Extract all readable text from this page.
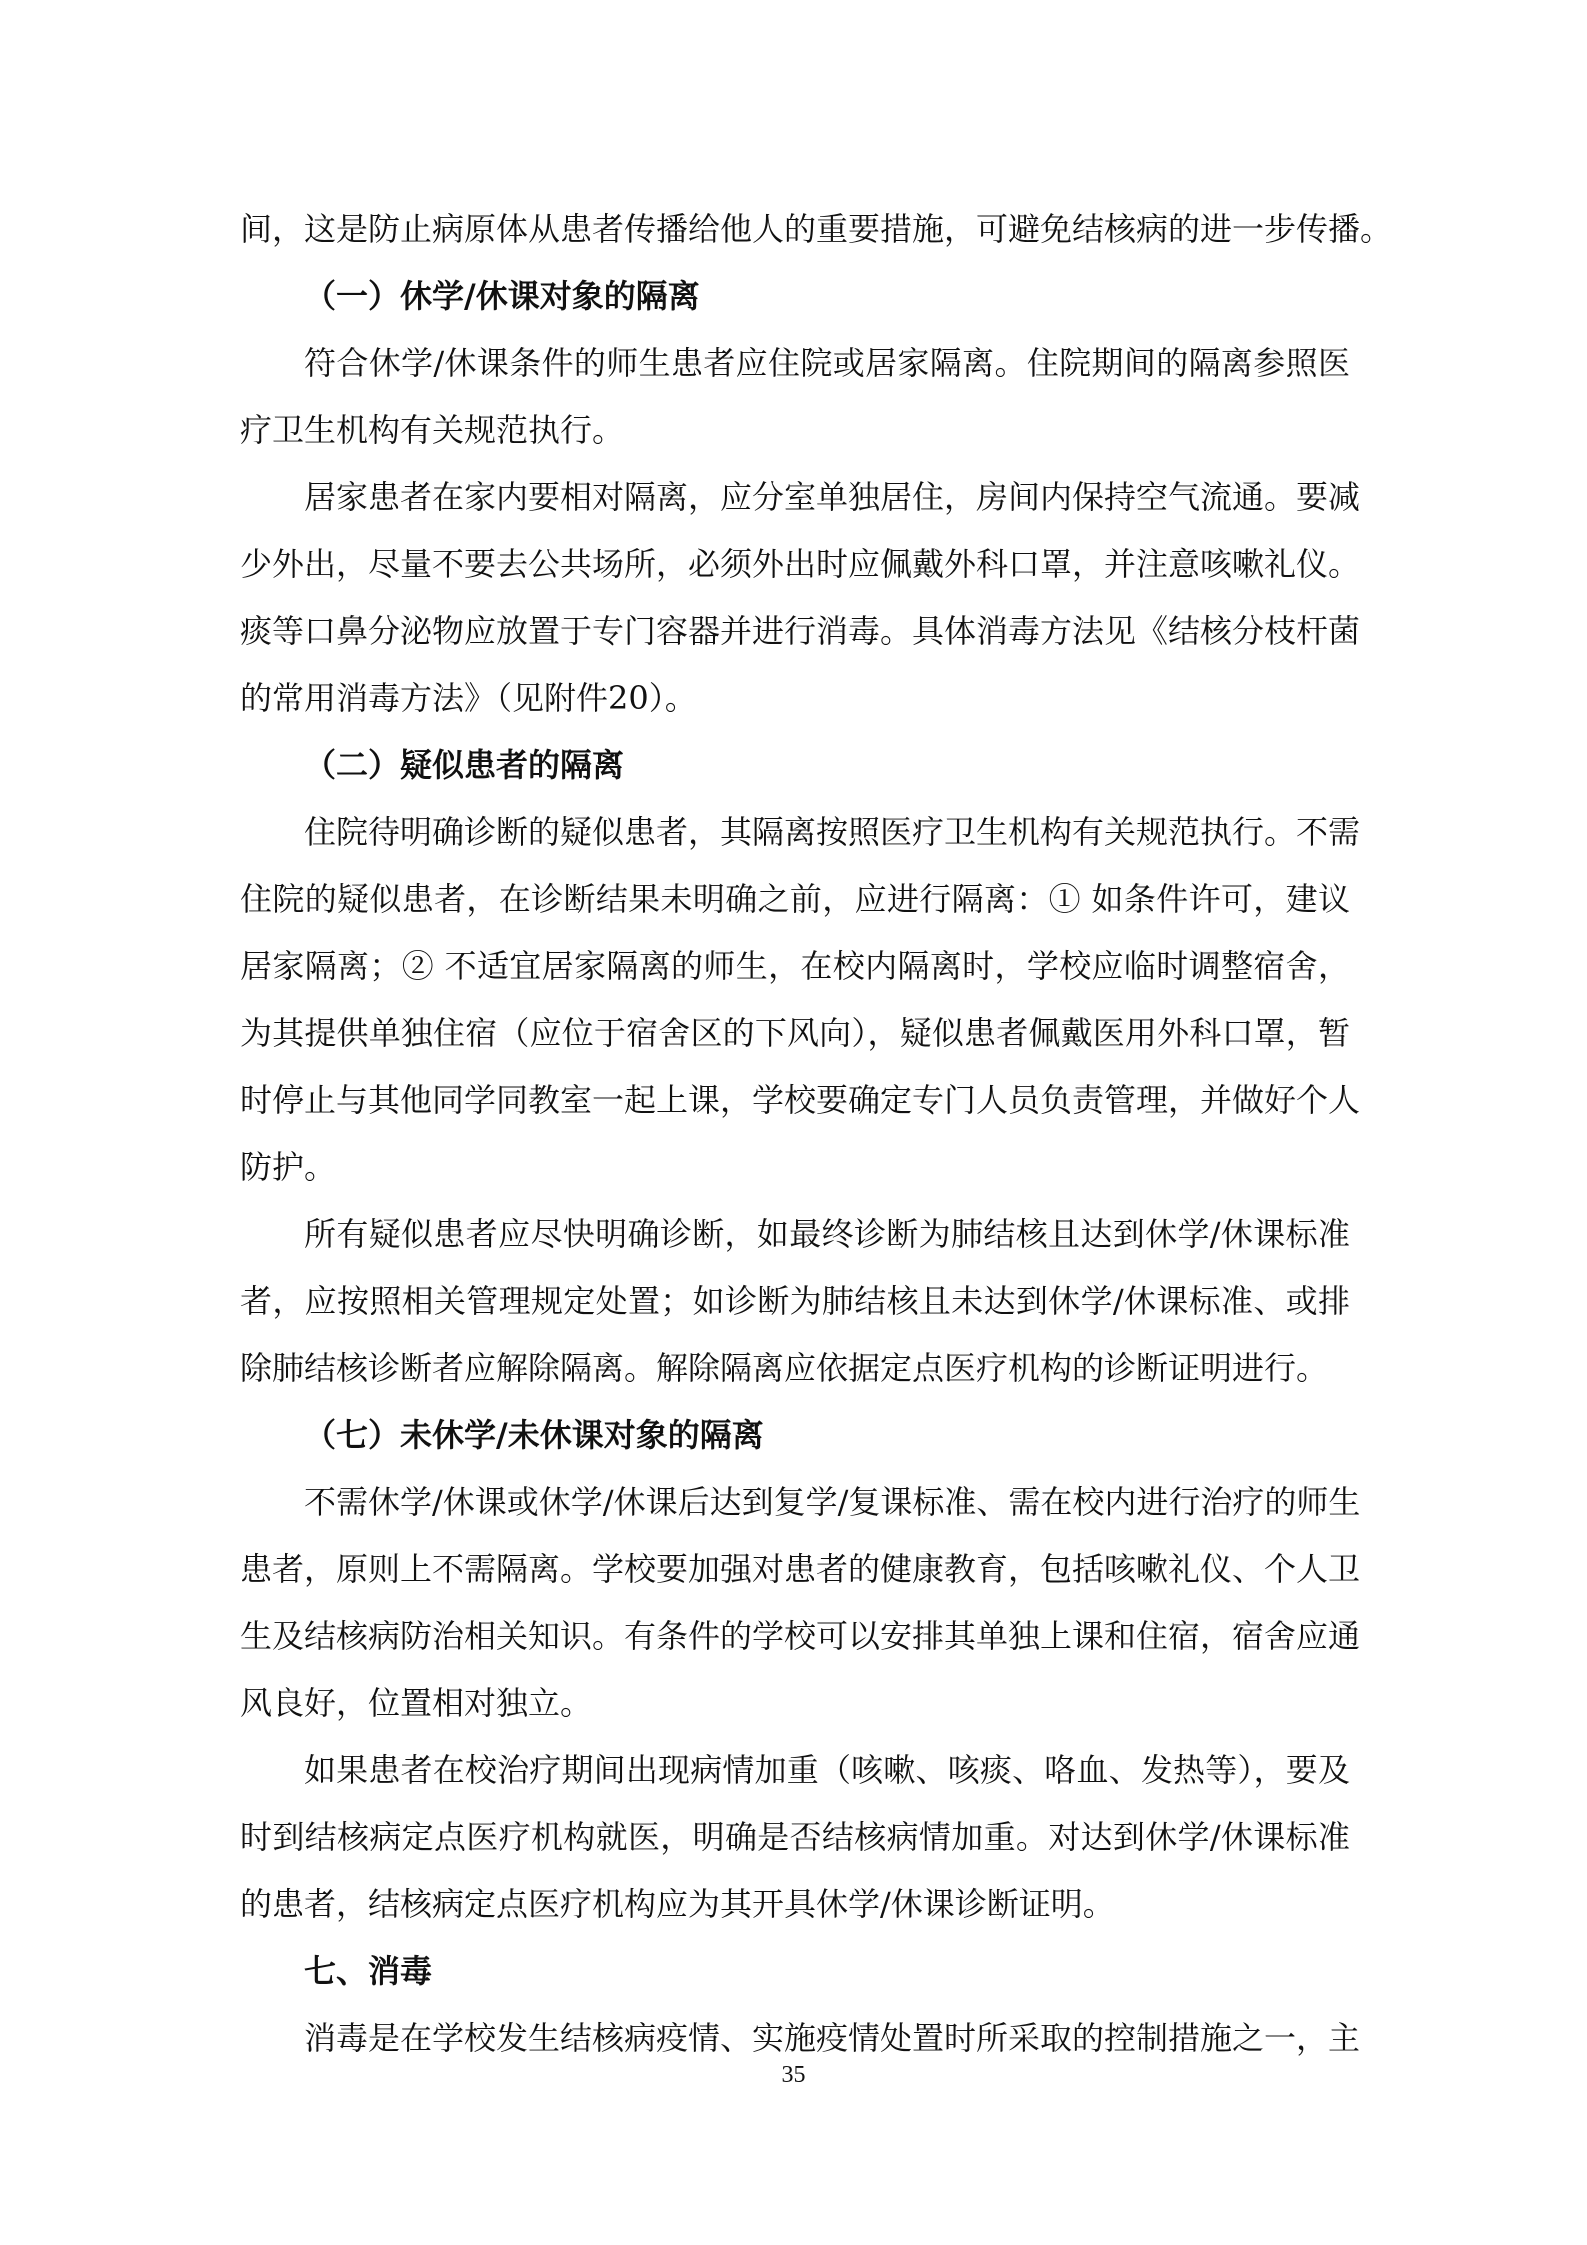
间，这是防止病原体从患者传播给他人的重要措施，可避免结核病的进一步传播。
（一）休学/休课对象的隔离
符合休学/休课条件的师生患者应住院或居家隔离。住院期间的隔离参照医
疗卫生机构有关规范执行。
居家患者在家内要相对隔离，应分室单独居住，房间内保持空气流通。要减
少外出，尽量不要去公共场所，必须外出时应佩戴外科口罩，并注意咳嗽礼仪。
痰等口鼻分泌物应放置于专门容器并进行消毒。具体消毒方法见《结核分枝杆菌
的常用消毒方法》（见附件20）。
（二）疑似患者的隔离
住院待明确诊断的疑似患者，其隔离按照医疗卫生机构有关规范执行。不需
住院的疑似患者，在诊断结果未明确之前，应进行隔离：① 如条件许可，建议
居家隔离；② 不适宜居家隔离的师生，在校内隔离时，学校应临时调整宿舍，
为其提供单独住宿（应位于宿舍区的下风向），疑似患者佩戴医用外科口罩，暂
时停止与其他同学同教室一起上课，学校要确定专门人员负责管理，并做好个人
防护。
所有疑似患者应尽快明确诊断，如最终诊断为肺结核且达到休学/休课标准
者，应按照相关管理规定处置；如诊断为肺结核且未达到休学/休课标准、或排
除肺结核诊断者应解除隔离。解除隔离应依据定点医疗机构的诊断证明进行。
（七）未休学/未休课对象的隔离
不需休学/休课或休学/休课后达到复学/复课标准、需在校内进行治疗的师生
患者，原则上不需隔离。学校要加强对患者的健康教育，包括咳嗽礼仪、个人卫
生及结核病防治相关知识。有条件的学校可以安排其单独上课和住宿，宿舍应通
风良好，位置相对独立。
如果患者在校治疗期间出现病情加重（咳嗽、咳痰、咯血、发热等），要及
时到结核病定点医疗机构就医，明确是否结核病情加重。对达到休学/休课标准
的患者，结核病定点医疗机构应为其开具休学/休课诊断证明。
七、消毒
消毒是在学校发生结核病疫情、实施疫情处置时所采取的控制措施之一，主
35
